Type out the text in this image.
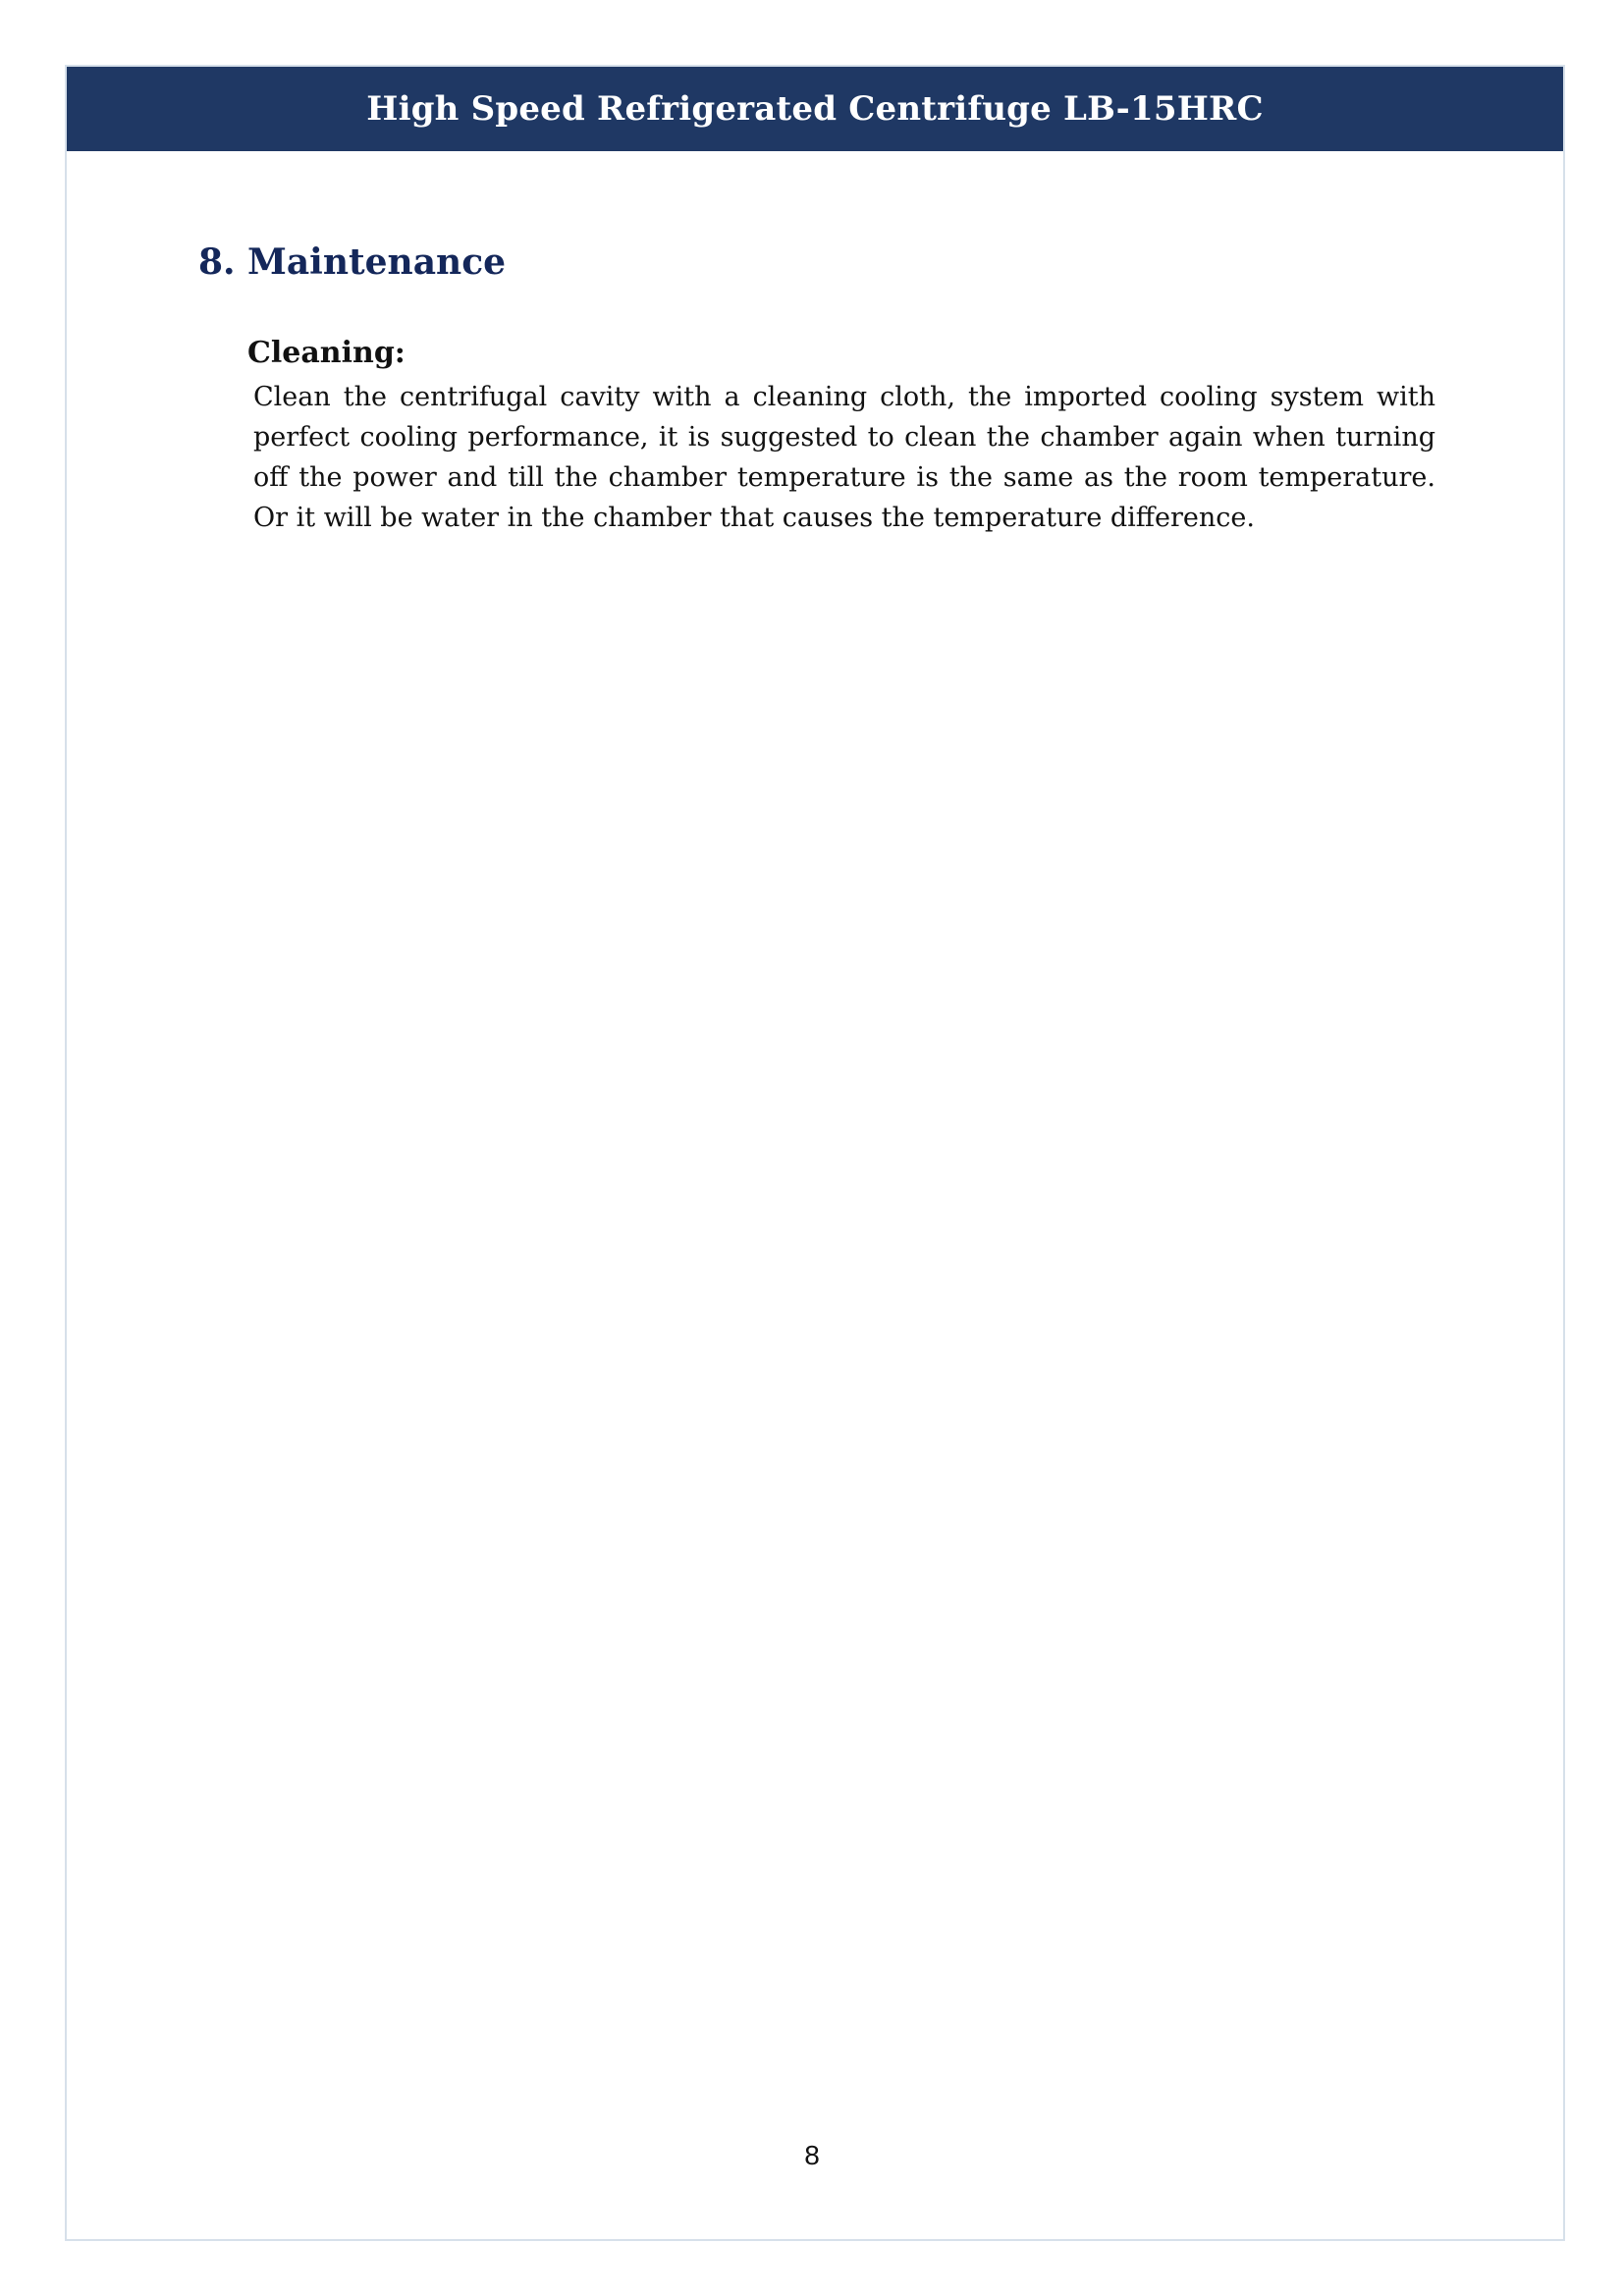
High Speed Refrigerated Centrifuge LB-15HRC
8. Maintenance
Cleaning:
Clean the centrifugal cavity with a cleaning cloth, the imported cooling system with perfect cooling performance, it is suggested to clean the chamber again when turning off the power and till the chamber temperature is the same as the room temperature. Or it will be water in the chamber that causes the temperature difference.
8
